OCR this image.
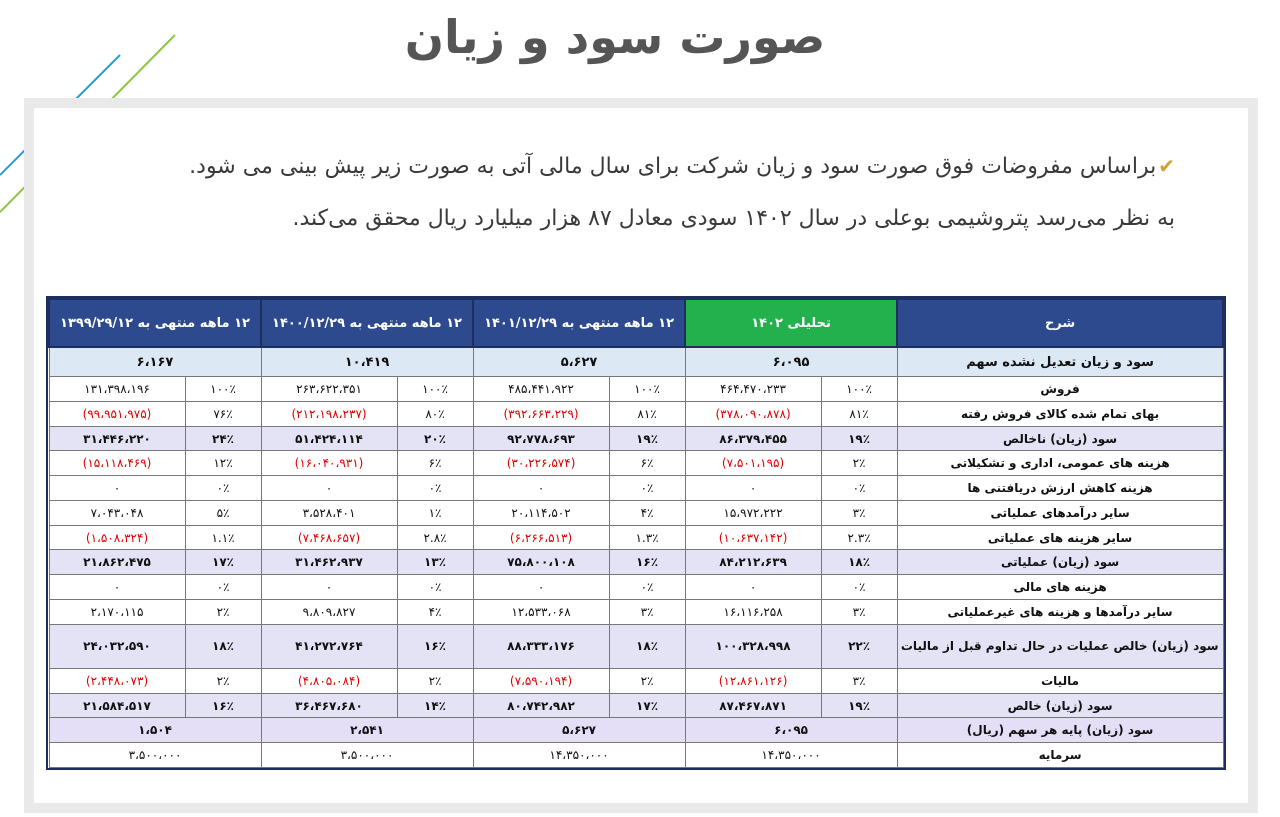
صورت سود و زیان

✔براساس مفروضات فوق صورت سود و زیان شرکت برای سال مالی آتی به صورت زیر پیش بینی می شود.

به نظر می‌رسد پتروشیمی بوعلی در سال ۱۴۰۲ سودی معادل ۸۷ هزار میلیارد ریال محقق می‌کند.

شرح	تحلیلی ۱۴۰۲		۱۲ ماهه منتهی به ۱۴۰۱/۱۲/۲۹		۱۲ ماهه منتهی به ۱۴۰۰/۱۲/۲۹		۱۲ ماهه منتهی به ۱۳۹۹/۲۹/۱۲	
سود و زیان تعدیل نشده سهم	۶،۰۹۵		۵،۶۲۷		۱۰،۴۱۹		۶،۱۶۷	
فروش	۱۰۰٪	۴۶۴،۴۷۰،۲۳۳	۱۰۰٪	۴۸۵،۴۴۱،۹۲۲	۱۰۰٪	۲۶۳،۶۲۲،۳۵۱	۱۰۰٪	۱۳۱،۳۹۸،۱۹۶
بهای تمام شده کالای فروش رفته	۸۱٪	(۳۷۸،۰۹۰،۸۷۸)	۸۱٪	(۳۹۲،۶۶۳،۲۲۹)	۸۰٪	(۲۱۲،۱۹۸،۲۳۷)	۷۶٪	(۹۹،۹۵۱،۹۷۵)
سود (زیان) ناخالص	۱۹٪	۸۶،۳۷۹،۴۵۵	۱۹٪	۹۲،۷۷۸،۶۹۳	۲۰٪	۵۱،۴۲۴،۱۱۴	۲۴٪	۳۱،۴۴۶،۲۲۰
هزینه های عمومی، اداری و تشکیلاتی	۲٪	(۷،۵۰۱،۱۹۵)	۶٪	(۳۰،۲۲۶،۵۷۴)	۶٪	(۱۶،۰۴۰،۹۳۱)	۱۲٪	(۱۵،۱۱۸،۴۶۹)
هزینه کاهش ارزش دریافتنی ها	۰٪	۰	۰٪	۰	۰٪	۰	۰٪	۰
سایر درآمدهای عملیاتی	۳٪	۱۵،۹۷۲،۲۲۲	۴٪	۲۰،۱۱۴،۵۰۲	۱٪	۳،۵۲۸،۴۰۱	۵٪	۷،۰۴۳،۰۴۸
سایر هزینه های عملیاتی	۲.۳٪	(۱۰،۶۳۷،۱۴۲)	۱.۳٪	(۶،۲۶۶،۵۱۳)	۲.۸٪	(۷،۴۶۸،۶۵۷)	۱.۱٪	(۱،۵۰۸،۳۲۴)
سود (زیان) عملیاتی	۱۸٪	۸۴،۲۱۲،۶۳۹	۱۶٪	۷۵،۸۰۰،۱۰۸	۱۳٪	۳۱،۴۶۲،۹۳۷	۱۷٪	۲۱،۸۶۲،۴۷۵
هزینه های مالی	۰٪	۰	۰٪	۰	۰٪	۰	۰٪	۰
سایر درآمدها و هزینه های غیرعملیاتی	۳٪	۱۶،۱۱۶،۲۵۸	۳٪	۱۲،۵۳۳،۰۶۸	۴٪	۹،۸۰۹،۸۲۷	۲٪	۲،۱۷۰،۱۱۵
سود (زیان) خالص عملیات در حال تداوم قبل از مالیات	۲۲٪	۱۰۰،۳۲۸،۹۹۸	۱۸٪	۸۸،۳۳۳،۱۷۶	۱۶٪	۴۱،۲۷۲،۷۶۴	۱۸٪	۲۴،۰۳۲،۵۹۰
مالیات	۳٪	(۱۲،۸۶۱،۱۲۶)	۲٪	(۷،۵۹۰،۱۹۴)	۲٪	(۴،۸۰۵،۰۸۴)	۲٪	(۲،۴۴۸،۰۷۳)
سود (زیان) خالص	۱۹٪	۸۷،۴۶۷،۸۷۱	۱۷٪	۸۰،۷۴۲،۹۸۲	۱۴٪	۳۶،۴۶۷،۶۸۰	۱۶٪	۲۱،۵۸۴،۵۱۷
سود (زیان) پایه هر سهم (ریال)	۶،۰۹۵		۵،۶۲۷		۲،۵۴۱		۱،۵۰۴	
سرمایه	۱۴،۳۵۰،۰۰۰		۱۴،۳۵۰،۰۰۰		۳،۵۰۰،۰۰۰		۳،۵۰۰،۰۰۰	
